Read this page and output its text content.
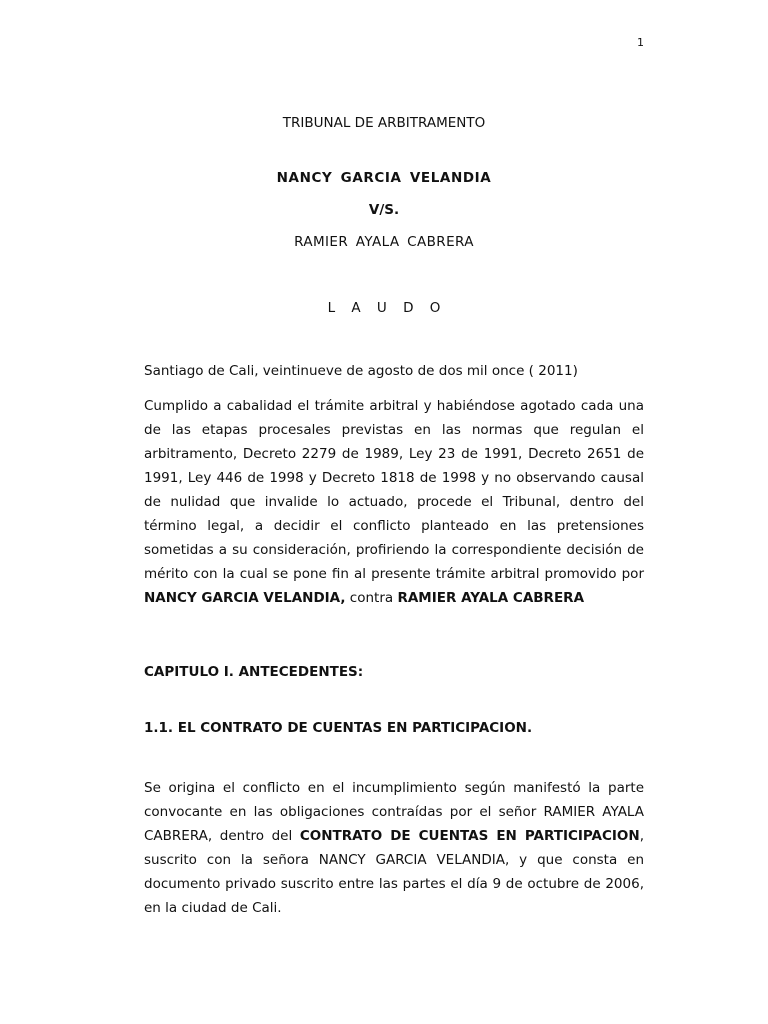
1
TRIBUNAL DE ARBITRAMENTO
NANCY GARCIA VELANDIA
V/S.
RAMIER AYALA CABRERA
L A U D O
Santiago de Cali, veintinueve de agosto de dos mil once ( 2011)
Cumplido a cabalidad el trámite arbitral y habiéndose agotado cada una de las etapas procesales previstas en las normas que regulan el arbitramento, Decreto 2279 de 1989, Ley 23 de 1991, Decreto 2651 de 1991, Ley 446 de 1998 y Decreto 1818 de 1998 y no observando causal de nulidad que invalide lo actuado, procede el Tribunal, dentro del término legal, a decidir el conflicto planteado en las pretensiones sometidas a su consideración, profiriendo la correspondiente decisión de mérito con la cual se pone fin al presente trámite arbitral promovido por NANCY GARCIA VELANDIA, contra RAMIER AYALA CABRERA
CAPITULO I. ANTECEDENTES:
1.1. EL CONTRATO DE CUENTAS EN PARTICIPACION.
Se origina el conflicto en el incumplimiento según manifestó la parte convocante en las obligaciones contraídas por el señor RAMIER AYALA CABRERA, dentro del CONTRATO DE CUENTAS EN PARTICIPACION, suscrito con la señora NANCY GARCIA VELANDIA, y que consta en documento privado suscrito entre las partes el día 9 de octubre de 2006, en la ciudad de Cali.
